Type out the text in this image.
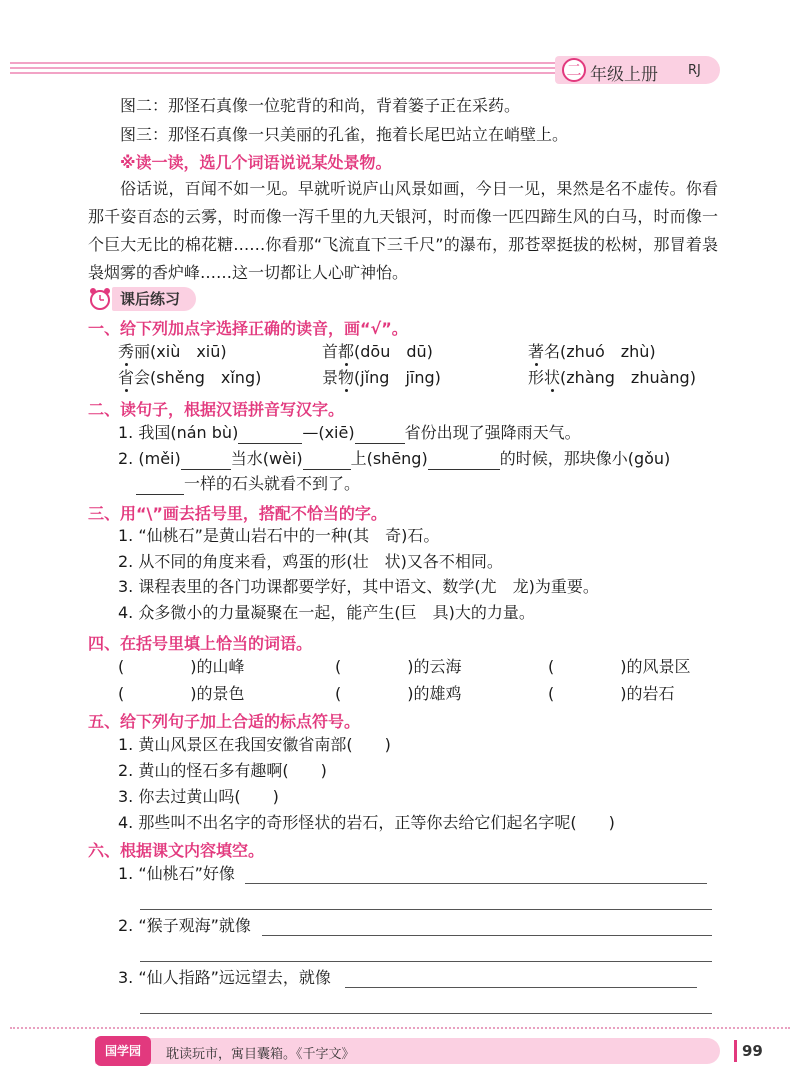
二 年级上册 RJ
图二：那怪石真像一位驼背的和尚，背着篓子正在采药。
图三：那怪石真像一只美丽的孔雀，拖着长尾巴站立在峭壁上。
※读一读，选几个词语说说某处景物。
俗话说，百闻不如一见。早就听说庐山风景如画，今日一见，果然是名不虚传。你看那千姿百态的云雾，时而像一泻千里的九天银河，时而像一匹四蹄生风的白马，时而像一个巨大无比的棉花糖……你看那“飞流直下三千尺”的瀑布，那苍翠挺拔的松树，那冒着袅袅烟雾的香炉峰……这一切都让人心旷神怡。
课后练习
一、给下列加点字选择正确的读音，画“√”。
秀丽(xiù　xiū)	首都(dōu　dū)	著名(zhuó　zhù)
省会(shěng　xǐng)	景物(jǐng　jīng)	形状(zhàng　zhuàng)
二、读句子，根据汉语拼音写汉字。
1. 我国(nán bù)	—(xiē)	省份出现了强降雨天气。
2. (měi)	当水(wèi)	上(shēng)	的时候，那块像小(gǒu)
一样的石头就看不到了。
三、用“\”画去括号里，搭配不恰当的字。
1. “仙桃石”是黄山岩石中的一种(其　奇)石。
2. 从不同的角度来看，鸡蛋的形(壮　状)又各不相同。
3. 课程表里的各门功课都要学好，其中语文、数学(尤　龙)为重要。
4. 众多微小的力量凝聚在一起，能产生(巨　具)大的力量。
四、在括号里填上恰当的词语。
(	)的山峰	(	)的云海	(	)的风景区
(	)的景色	(	)的雄鸡	(	)的岩石
五、给下列句子加上合适的标点符号。
1. 黄山风景区在我国安徽省南部(　　)
2. 黄山的怪石多有趣啊(　　)
3. 你去过黄山吗(　　)
4. 那些叫不出名字的奇形怪状的岩石，正等你去给它们起名字呢(　　)
六、根据课文内容填空。
1. “仙桃石”好像
2. “猴子观海”就像
3. “仙人指路”远远望去，就像
国学园	耽读玩市，寓目囊箱。《千字文》	99
